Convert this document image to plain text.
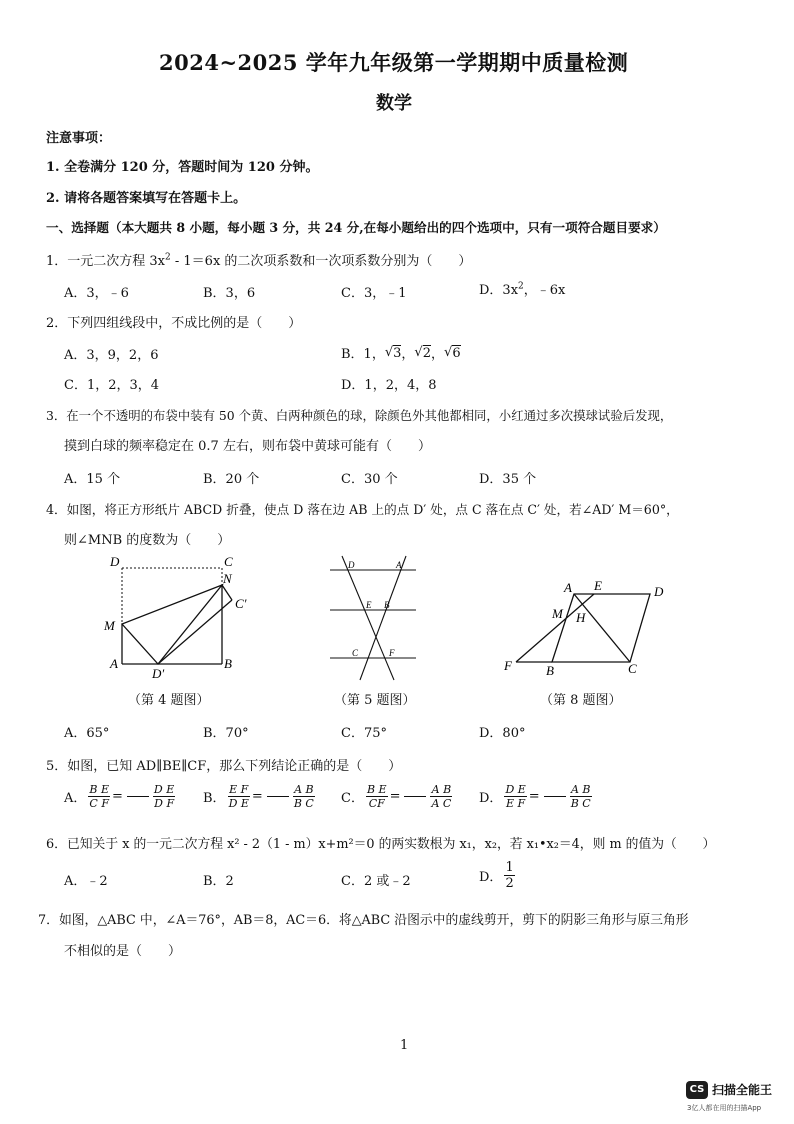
2024~2025 学年九年级第一学期期中质量检测
数学
注意事项：
1. 全卷满分 120 分，答题时间为 120 分钟。
2. 请将各题答案填写在答题卡上。
一、选择题（本大题共 8 小题，每小题 3 分，共 24 分,在每小题给出的四个选项中，只有一项符合题目要求）
1．一元二次方程 $3x^2 - 1=6x$ 的二次项系数和一次项系数分别为（　　）
A．3，﹣6	B．3，6	C．3，﹣1	D．$3x^2$，﹣6x
2．下列四组线段中，不成比例的是（　　）
A．3，9，2，6	B．1， √ 3 ， √ 2 ， √ 6
C．1，2，3，4	D．1，2，4，8
3．在一个不透明的布袋中装有 50 个黄、白两种颜色的球，除颜色外其他都相同，小红通过多次摸球试验后发现，
摸到白球的频率稳定在 0.7 左右，则布袋中黄球可能有（　　）
A．15 个	B．20 个	C．30 个	D．35 个
4．如图，将正方形纸片 ABCD 折叠，使点 D 落在边 AB 上的点 D′ 处，点 C 落在点 C′ 处，若∠AD′ M＝60°，
则∠MNB 的度数为（　　）
D	C
N
C′
M
A
D′
B
（第 4 题图）
D	A
E B
C	F
（第 5 题图）
A E	D
M H
F	B	C
（第 8 题图）
A．65°	B．70°	C．75°	D．80°
5．如图，已知 AD∥BE∥CF，那么下列结论正确的是（　　）
A． $\frac{\text{B E}}{\text{C F}}$ =	$\frac{\text{D E}}{\text{D F}}$ B． $\frac{\text{E F}}{\text{D E}}$ =	$\frac{\text{A B}}{\text{B C}}$ C． $\frac{\text{B E}}{CF}$ =	$\frac{\text{A B}}{\text{A C}}$ D． $\frac{\text{D E}}{\text{E F}}$ =	$\frac{\text{A B}}{\text{B C}}$
6．已知关于 x 的一元二次方程 x² - 2（1 - m）x+m²＝0 的两实数根为 x₁，x₂，若 x₁•x₂＝4，则 m 的值为（　　）
A．﹣2	B．2	C．2 或﹣2	D． $\frac{1}{2}$
7．如图，△ABC 中，∠A＝76°，AB＝8，AC＝6．将△ABC 沿图示中的虚线剪开，剪下的阴影三角形与原三角形
不相似的是（　　）
1
CS 扫描全能王
3亿人都在用的扫描App
